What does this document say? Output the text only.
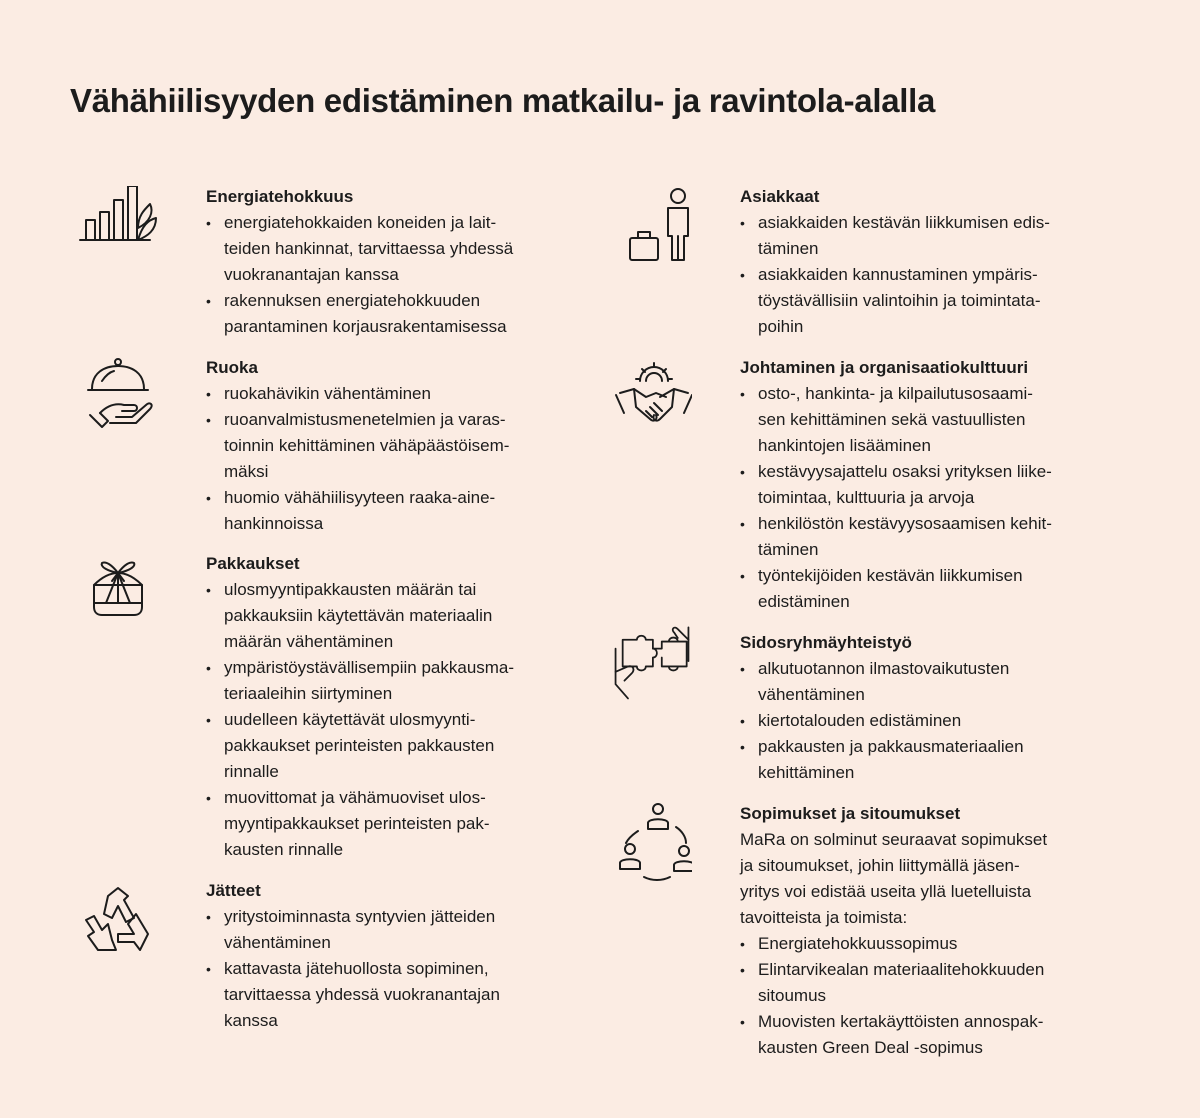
Vähähiilisyyden edistäminen matkailu- ja ravintola-alalla

Energiatehokkuus

• energiatehokkaiden koneiden ja lait-
teiden hankinnat, tarvittaessa yhdessä
vuokranantajan kanssa
• rakennuksen energiatehokkuuden
parantaminen korjausrakentamisessa

Ruoka

• ruokahävikin vähentäminen
• ruoanvalmistusmenetelmien ja varas-
toinnin kehittäminen vähäpäästöisem-
mäksi
• huomio vähähiilisyyteen raaka-aine-
hankinnoissa

Pakkaukset

• ulosmyyntipakkausten määrän tai
pakkauksiin käytettävän materiaalin
määrän vähentäminen
• ympäristöystävällisempiin pakkausma-
teriaaleihin siirtyminen
• uudelleen käytettävät ulosmyynti-
pakkaukset perinteisten pakkausten
rinnalle
• muovittomat ja vähämuoviset ulos-
myyntipakkaukset perinteisten pak-
kausten rinnalle

Jätteet

• yritystoiminnasta syntyvien jätteiden
vähentäminen
• kattavasta jätehuollosta sopiminen,
tarvittaessa yhdessä vuokranantajan
kanssa

Asiakkaat

• asiakkaiden kestävän liikkumisen edis-
täminen
• asiakkaiden kannustaminen ympäris-
töystävällisiin valintoihin ja toimintata-
poihin

Johtaminen ja organisaatiokulttuuri

• osto-, hankinta- ja kilpailutusosaami-
sen kehittäminen sekä vastuullisten
hankintojen lisääminen
• kestävyysajattelu osaksi yrityksen liike-
toimintaa, kulttuuria ja arvoja
• henkilöstön kestävyysosaamisen kehit-
täminen
• työntekijöiden kestävän liikkumisen
edistäminen

Sidosryhmäyhteistyö

• alkutuotannon ilmastovaikutusten
vähentäminen
• kiertotalouden edistäminen
• pakkausten ja pakkausmateriaalien
kehittäminen

Sopimukset ja sitoumukset

MaRa on solminut seuraavat sopimukset
ja sitoumukset, johin liittymällä jäsen-
yritys voi edistää useita yllä luetelluista
tavoitteista ja toimista:

• Energiatehokkuussopimus
• Elintarvikealan materiaalitehokkuuden
sitoumus
• Muovisten kertakäyttöisten annospak-
kausten Green Deal -sopimus
